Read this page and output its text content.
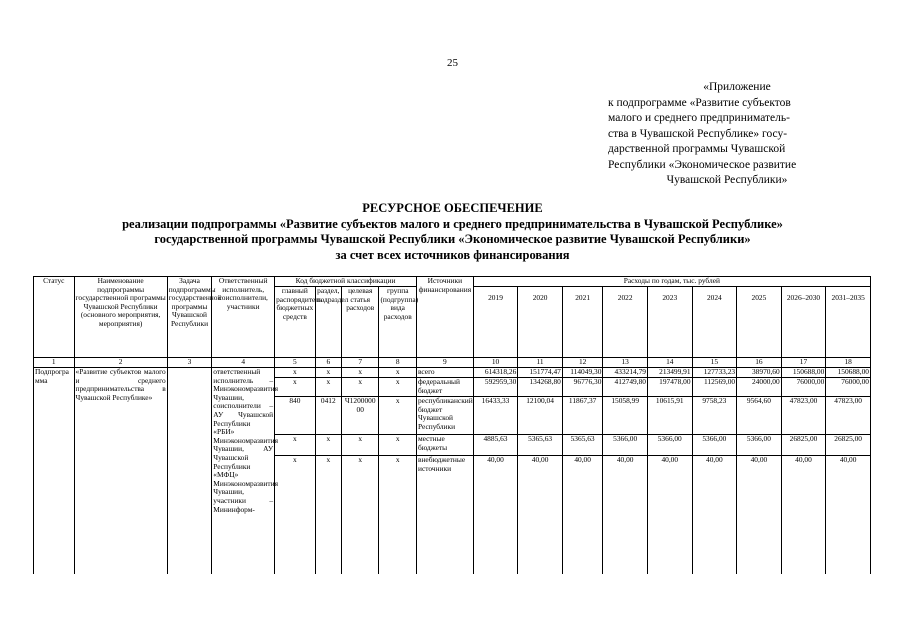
25
«Приложение
к подпрограмме «Развитие субъектов
малого и среднего предприниматель-
ства в Чувашской Республике» госу-
дарственной программы Чувашской
Республики «Экономическое развитие
Чувашской Республики»
РЕСУРСНОЕ ОБЕСПЕЧЕНИЕ
реализации подпрограммы «Развитие субъектов малого и среднего предпринимательства в Чувашской Республике»
государственной программы Чувашской Республики «Экономическое развитие Чувашской Республики»
за счет всех источников финансирования
Статус	Наименование подпрограммы государственной программы Чувашской Республики (основного мероприятия, мероприятия)	Задача подпрограммы государственной программы Чувашской Республики	Ответственный исполнитель, соисполнители, участники	Код бюджетной классификации				Источники финансирования	Расходы по годам, тыс. рублей								
				главный распорядитель бюджетных средств	раздел, подраздел	целевая статья расходов	группа (подгруппа) вида расходов		2019	2020	2021	2022	2023	2024	2025	2026–2030	2031–2035
1	2	3	4	5	6	7	8	9	10	11	12	13	14	15	16	17	18
Подпрограмма	«Развитие субъектов малого и среднего предпринимательства в Чувашской Республике»		ответственный исполнитель – Минэкономразвития Чувашии, соисполнители – АУ Чувашской Республики «РБИ» Минэкономразвития Чувашии, АУ Чувашской Республики «МФЦ» Минэкономразвития Чувашии, участники – Мининформ-	x	x	x	x	всего	614318,26	151774,47	114049,30	433214,79	213499,91	127733,23	38970,60	150688,00	150688,00
				x	x	x	x	федеральный бюджет	592959,30	134268,80	96776,30	412749,80	197478,00	112569,00	24000,00	76000,00	76000,00
				840	0412	Ч1200000 00	x	республиканский бюджет Чувашской Республики	16433,33	12100,04	11867,37	15058,99	10615,91	9758,23	9564,60	47823,00	47823,00
				x	x	x	x	местные бюджеты	4885,63	5365,63	5365,63	5366,00	5366,00	5366,00	5366,00	26825,00	26825,00
				x	x	x	x	внебюджетные источники	40,00	40,00	40,00	40,00	40,00	40,00	40,00	40,00	40,00
